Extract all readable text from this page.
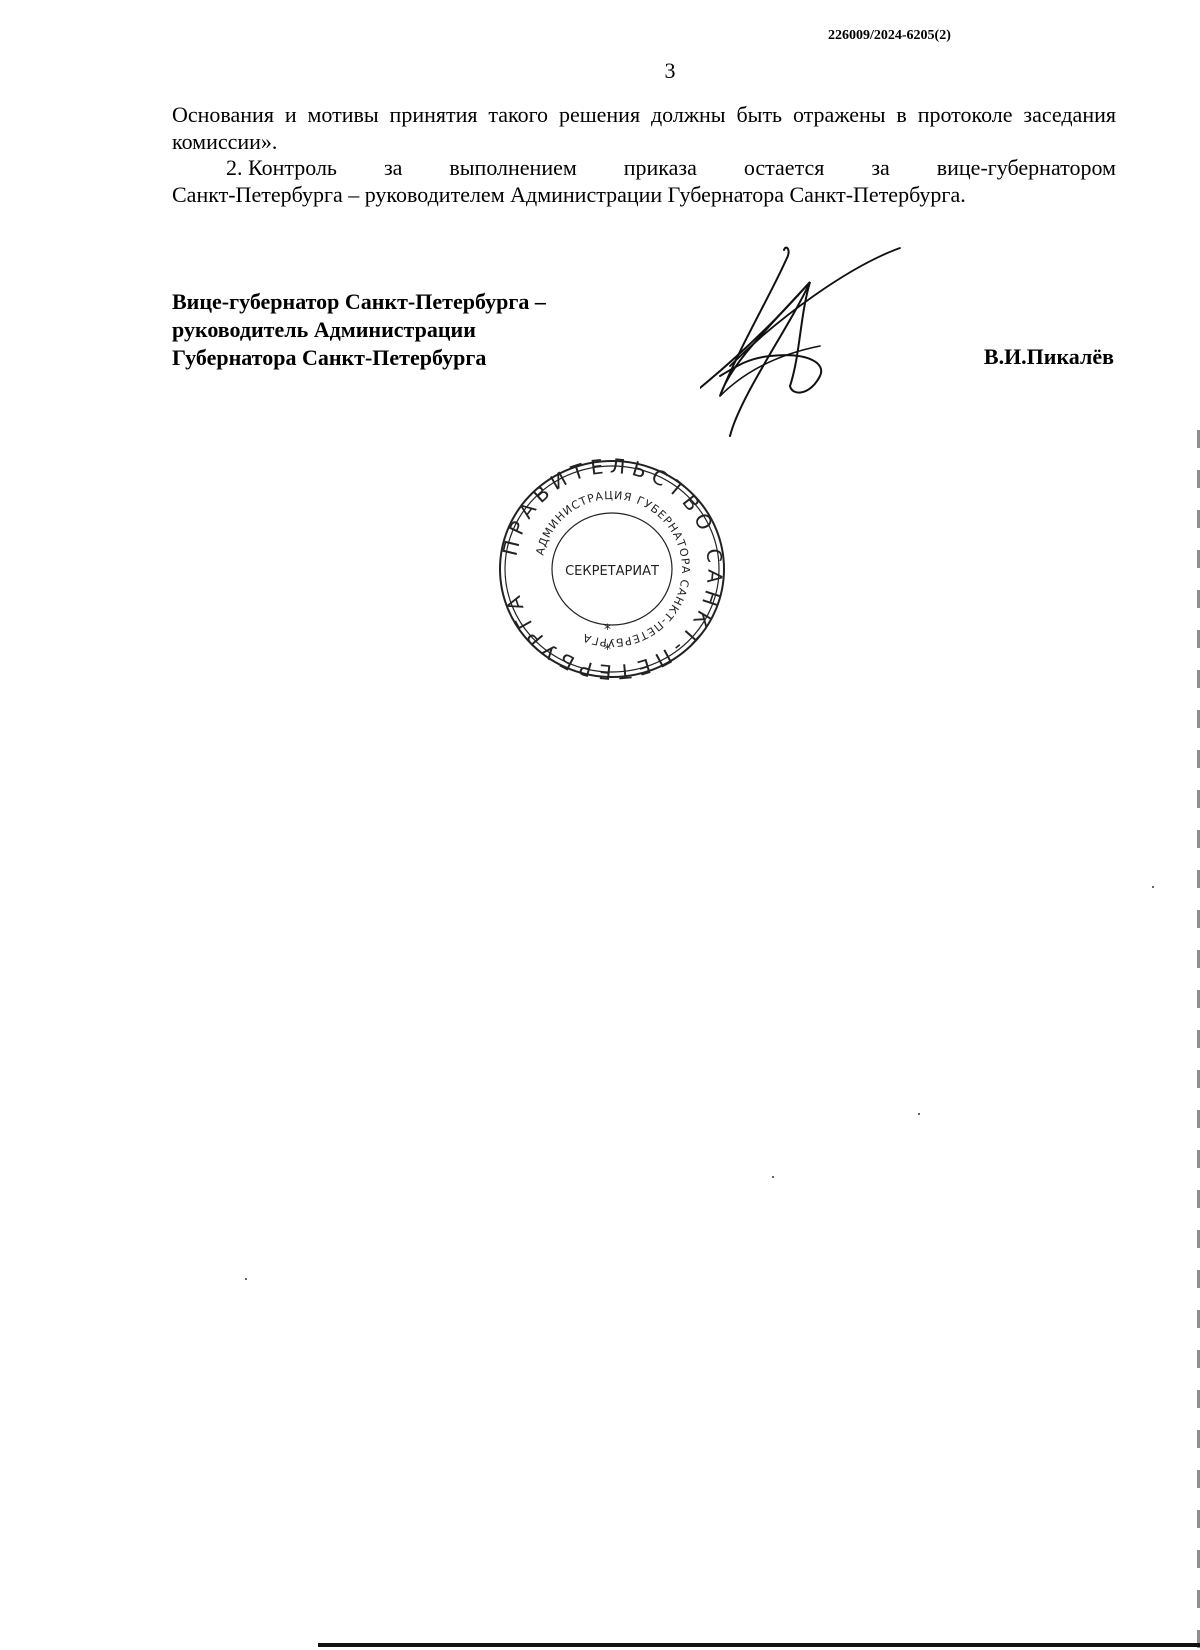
226009/2024-6205(2)
3
Основания и мотивы принятия такого решения должны быть отражены в протоколе заседания комиссии».
2. Контроль за выполнением приказа остается за вице-губернатором
Санкт-Петербурга – руководителем Администрации Губернатора Санкт-Петербурга.
Вице-губернатор Санкт-Петербурга –
руководитель Администрации
Губернатора Санкт-Петербурга	В.И.Пикалёв
ПРАВИТЕЛЬСТВО САНКТ-ПЕТЕРБУРГА
АДМИНИСТРАЦИЯ ГУБЕРНАТОРА САНКТ-ПЕТЕРБУРГА
СЕКРЕТАРИАТ
*
*
